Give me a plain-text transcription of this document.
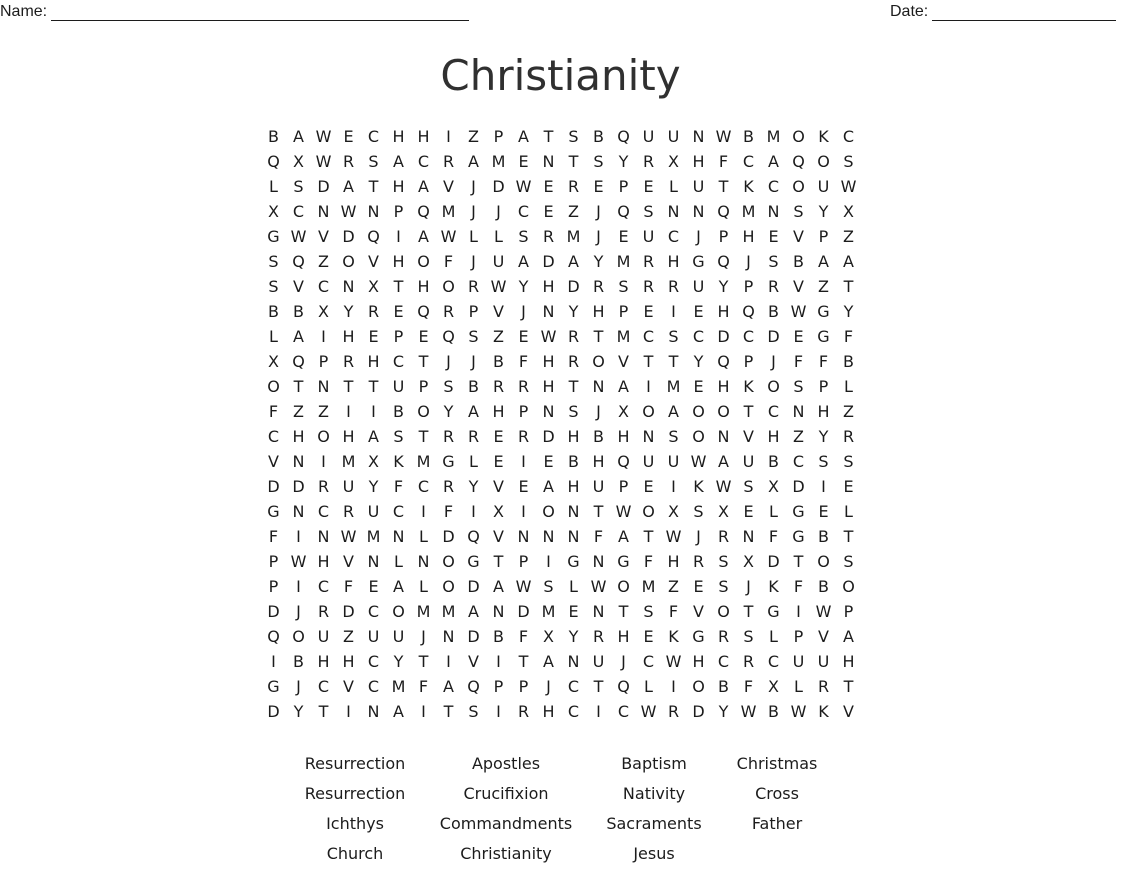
Name:	Date:
Christianity
B A W E C H H	I	Z P A T S B Q U U N W B M O K C
Q X W R S A C R A M E N T S Y R X H F C A Q O S
L S D A T H A V	J	D W E R E P E L U T K C O U W
X C N W N P Q M J	J	C E Z	J	Q S N N Q M N S Y X
G W V D Q	I	A W L	L S R M J	E U C	J	P H E V P Z
S Q Z O V H O F	J	U A D A Y M R H G Q	J	S B A A
S V C N X T H O R W Y H D R S R R U Y P R V Z T
B B X Y R E Q R P V	J	N Y H P E	I	E H Q B W G Y
L A	I	H E P E Q S Z E W R T M C S C D C D E G F
X Q P R H C T	J	J	B F H R O V T T Y Q P	J	F F B
O T N T T U P S B R R H T N A	I M E H K O S P L
F Z Z	I	I	B O Y A H P N S	J	X O A O O T C N H Z
C H O H A S T R R E R D H B H N S O N V H Z Y R
V N	I M X K M G L E	I	E B H Q U U W A U B C S S
D D R U Y F C R Y V E A H U P E	I	K W S X D	I	E
G N C R U C	I	F	I	X	I	O N T W O X S X E L G E L
F	I	N W M N L D Q V N N N F A T W J	R N F G B T
P W H V N L N O G T P	I	G N G F H R S X D T O S
P	I	C F E A L O D A W S L W O M Z E S	J	K F B O
D	J	R D C O M M A N D M E N T S F V O T G	I W P
Q O U Z U U	J	N D B F X Y R H E K G R S L P V A
I	B H H C Y T	I	V	I	T A N U	J	C W H C R C U U H
G	J	C V C M F A Q P P	J	C T Q L	I	O B F X L R T
D Y T	I	N A	I	T S	I	R H C	I	C W R D Y W B W K V
Resurrection	Apostles	Baptism	Christmas
Resurrection	Crucifixion	Nativity	Cross
Ichthys	Commandments	Sacraments	Father
Church	Christianity	Jesus
